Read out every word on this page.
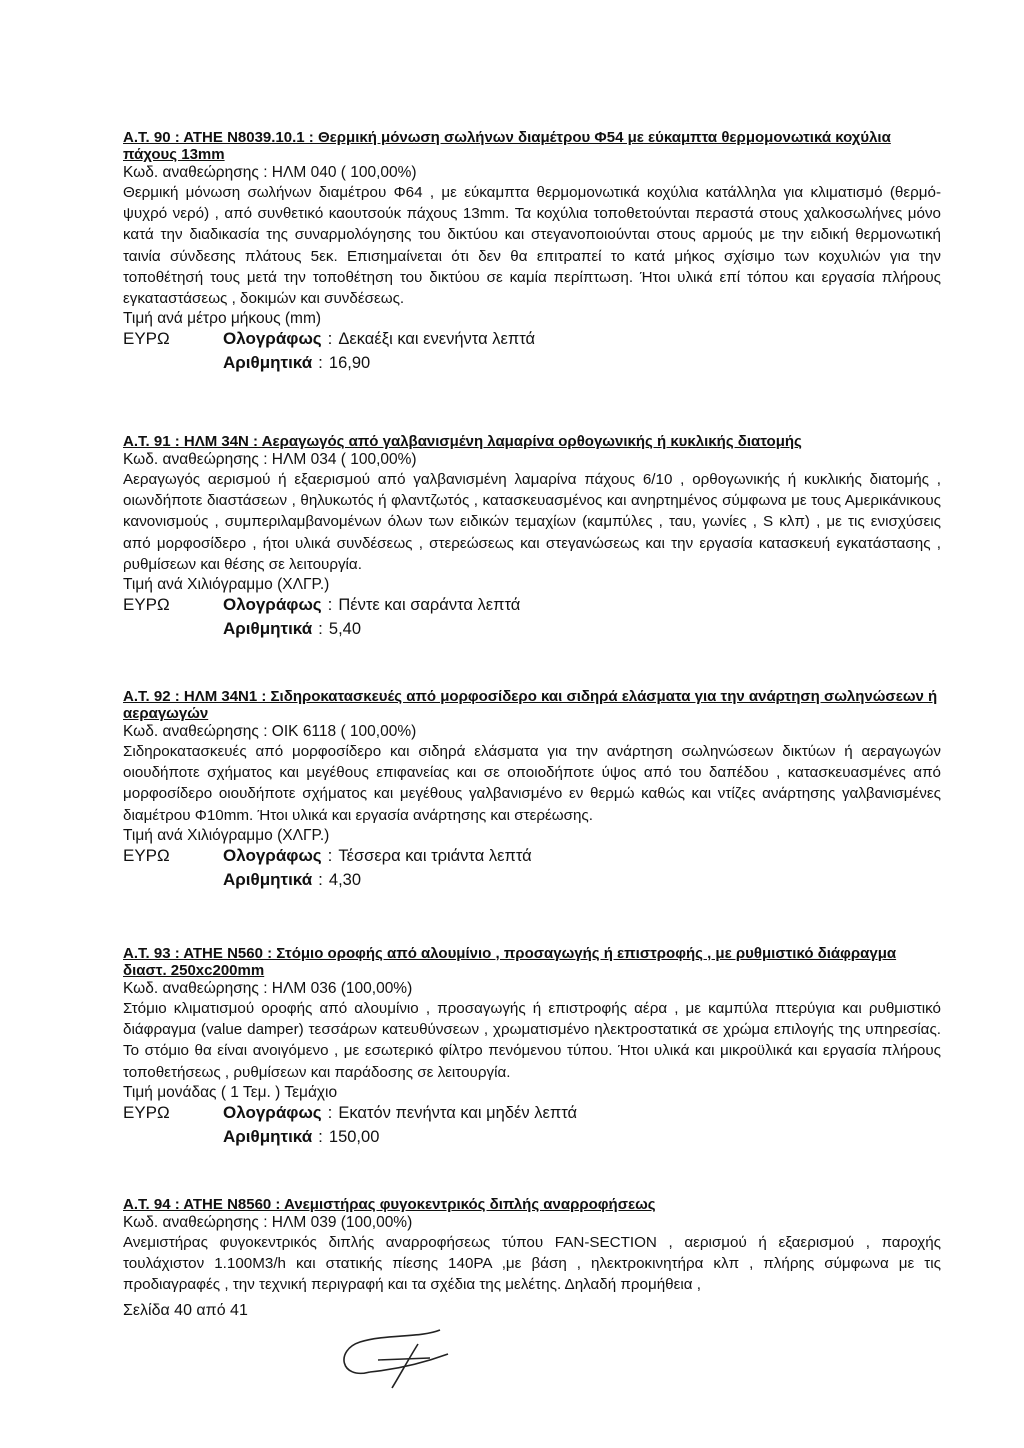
Α.Τ. 90 : ΑΤΗΕ Ν8039.10.1 : Θερμική μόνωση σωλήνων διαμέτρου Φ54 με εύκαμπτα θερμομονωτικά κοχύλια πάχους 13mm

Κωδ. αναθεώρησης : ΗΛΜ 040 ( 100,00%)
Θερμική μόνωση σωλήνων διαμέτρου Φ64 , με εύκαμπτα θερμομονωτικά κοχύλια κατάλληλα για κλιματισμό (θερμό-ψυχρό νερό) , από συνθετικό καουτσούκ πάχους 13mm. Τα κοχύλια τοποθετούνται περαστά στους χαλκοσωλήνες μόνο κατά την διαδικασία της συναρμολόγησης του δικτύου και στεγανοποιούνται στους αρμούς με την ειδική θερμονωτική ταινία σύνδεσης πλάτους 5εκ. Επισημαίνεται ότι δεν θα επιτραπεί το κατά μήκος σχίσιμο των κοχυλιών για την τοποθέτησή τους μετά την τοποθέτηση του δικτύου σε καμία περίπτωση. Ήτοι υλικά επί τόπου και εργασία πλήρους εγκαταστάσεως , δοκιμών και συνδέσεως.
Τιμή ανά μέτρο μήκους (mm)
ΕΥΡΩ	Ολογράφως : Δεκαέξι και ενενήντα λεπτά
Αριθμητικά : 16,90

Α.Τ. 91 : ΗΛΜ 34Ν : Αεραγωγός από γαλβανισμένη λαμαρίνα ορθογωνικής ή κυκλικής διατομής

Κωδ. αναθεώρησης : ΗΛΜ 034 ( 100,00%)
Αεραγωγός αερισμού ή εξαερισμού από γαλβανισμένη λαμαρίνα πάχους 6/10 , ορθογωνικής ή κυκλικής διατομής , οιωνδήποτε διαστάσεων , θηλυκωτός ή φλαντζωτός , κατασκευασμένος και ανηρτημένος σύμφωνα με τους Αμερικάνικους κανονισμούς , συμπεριλαμβανομένων όλων των ειδικών τεμαχίων (καμπύλες , ταυ, γωνίες , S κλπ) , με τις ενισχύσεις από μορφοσίδερο , ήτοι υλικά συνδέσεως , στερεώσεως και στεγανώσεως και την εργασία κατασκευή εγκατάστασης , ρυθμίσεων και θέσης σε λειτουργία.
Τιμή ανά Χιλιόγραμμο (ΧΛΓΡ.)
ΕΥΡΩ	Ολογράφως : Πέντε και σαράντα λεπτά
Αριθμητικά : 5,40

Α.Τ. 92 : ΗΛΜ 34Ν1 : Σιδηροκατασκευές από μορφοσίδερο και σιδηρά ελάσματα για την ανάρτηση σωληνώσεων ή αεραγωγών

Κωδ. αναθεώρησης : ΟΙΚ 6118 ( 100,00%)
Σιδηροκατασκευές από μορφοσίδερο και σιδηρά ελάσματα για την ανάρτηση σωληνώσεων δικτύων ή αεραγωγών οιουδήποτε σχήματος και μεγέθους επιφανείας και σε οποιοδήποτε ύψος από του δαπέδου , κατασκευασμένες από μορφοσίδερο οιουδήποτε σχήματος και μεγέθους γαλβανισμένο εν θερμώ καθώς και ντίζες ανάρτησης γαλβανισμένες διαμέτρου Φ10mm. Ήτοι υλικά και εργασία ανάρτησης και στερέωσης.
Τιμή ανά Χιλιόγραμμο (ΧΛΓΡ.)
ΕΥΡΩ	Ολογράφως : Τέσσερα και τριάντα λεπτά
Αριθμητικά : 4,30

Α.Τ. 93 : ΑΤΗΕ Ν560 : Στόμιο οροφής από αλουμίνιο , προσαγωγής ή επιστροφής , με ρυθμιστικό διάφραγμα διαστ. 250xc200mm

Κωδ. αναθεώρησης : ΗΛΜ 036 (100,00%)
Στόμιο κλιματισμού οροφής από αλουμίνιο , προσαγωγής ή επιστροφής αέρα , με καμπύλα πτερύγια και ρυθμιστικό διάφραγμα (value damper) τεσσάρων κατευθύνσεων , χρωματισμένο ηλεκτροστατικά σε χρώμα επιλογής της υπηρεσίας. Το στόμιο θα είναι ανοιγόμενο , με εσωτερικό φίλτρο πενόμενου τύπου. Ήτοι υλικά και μικροϋλικά και εργασία πλήρους τοποθετήσεως , ρυθμίσεων και παράδοσης σε λειτουργία.
Τιμή μονάδας ( 1 Τεμ. ) Τεμάχιο
ΕΥΡΩ	Ολογράφως : Εκατόν πενήντα και μηδέν λεπτά
Αριθμητικά : 150,00

Α.Τ. 94 : ΑΤΗΕ Ν8560 : Ανεμιστήρας φυγοκεντρικός διπλής αναρροφήσεως

Κωδ. αναθεώρησης : ΗΛΜ 039 (100,00%)
Ανεμιστήρας φυγοκεντρικός διπλής αναρροφήσεως τύπου FAN-SECTION , αερισμού ή εξαερισμού , παροχής τουλάχιστον 1.100M3/h και στατικής πίεσης 140PA ,με βάση , ηλεκτροκινητήρα κλπ , πλήρης σύμφωνα με τις προδιαγραφές , την τεχνική περιγραφή και τα σχέδια της μελέτης. Δηλαδή προμήθεια ,
Σελίδα 40 από 41
